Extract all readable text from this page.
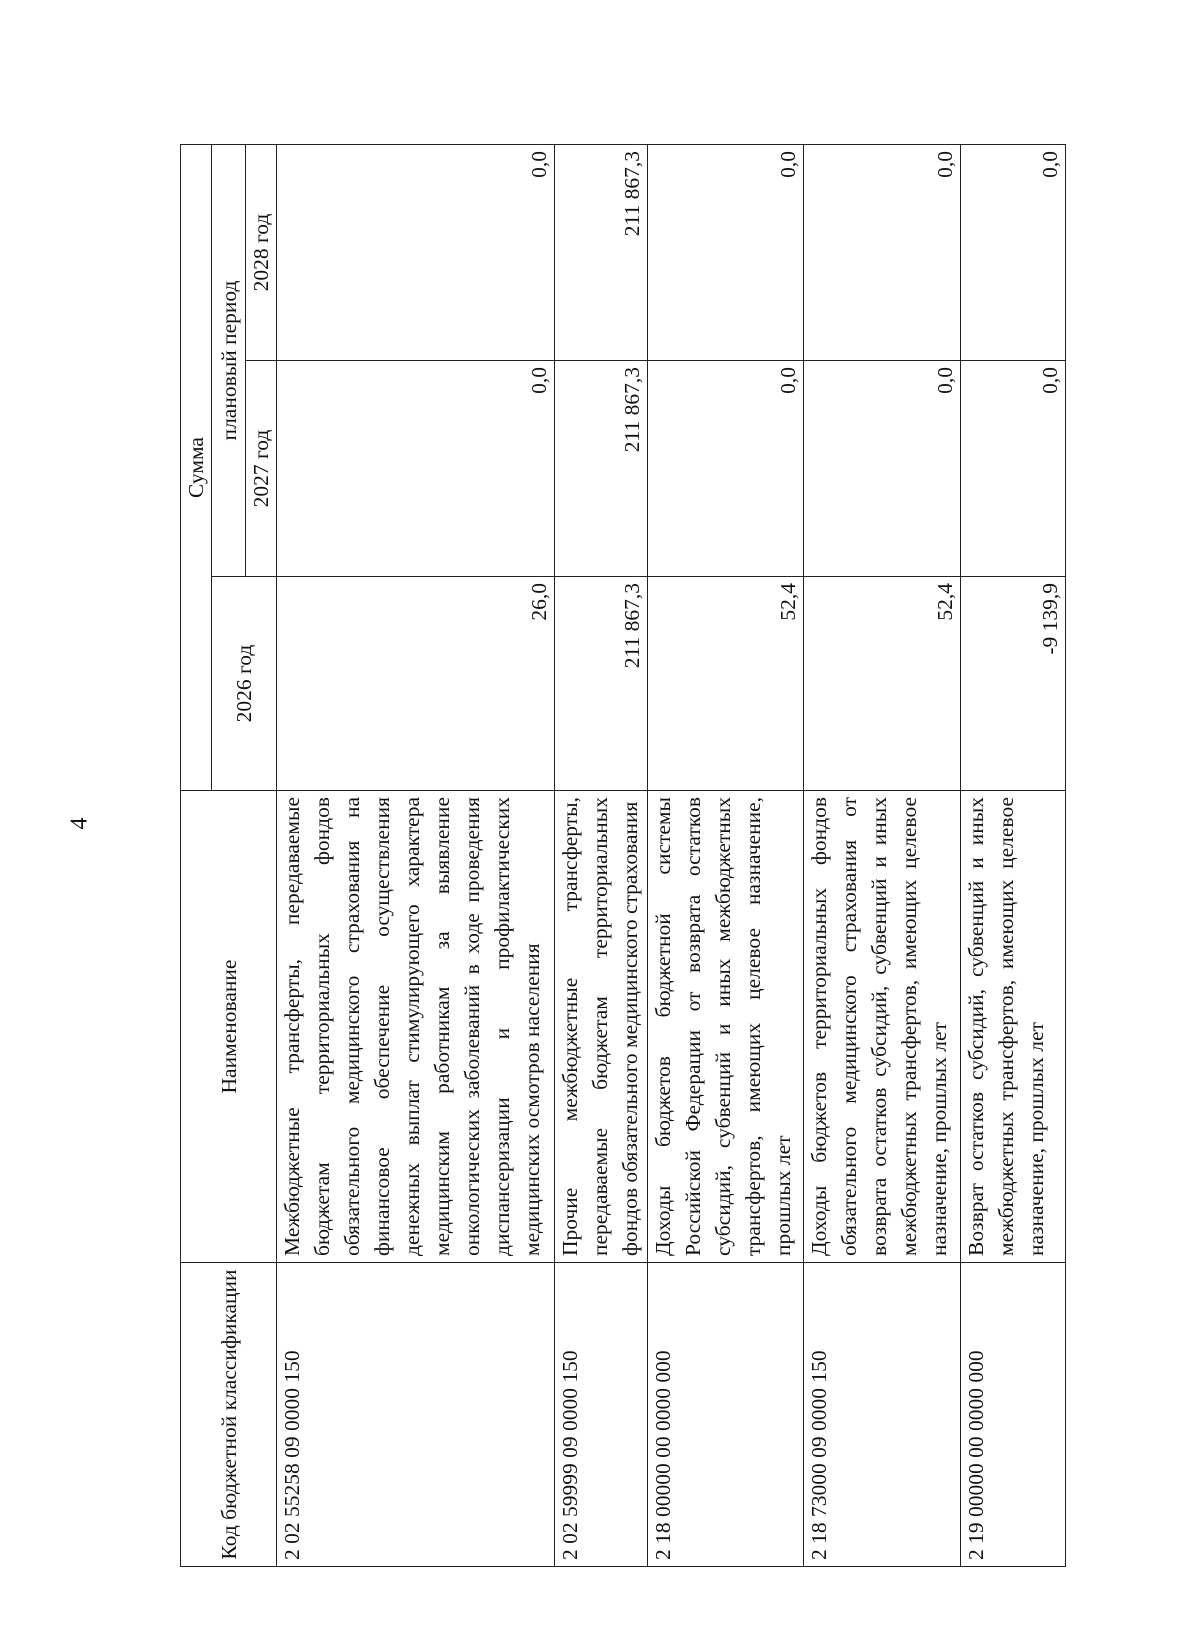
4
Код бюджетной классификации	Наименование	Сумма		
		2026 год	плановый период	
			2027 год	2028 год
2 02 55258 09 0000 150	Межбюджетные трансферты, передаваемые бюджетам территориальных фондов обязательного медицинского страхования на финансовое обеспечение осуществления денежных выплат стимулирующего характера медицинским работникам за выявление онкологических заболеваний в ходе проведения диспансеризации и профилактических медицинских осмотров населения	26,0	0,0	0,0
2 02 59999 09 0000 150	Прочие межбюджетные трансферты, передаваемые бюджетам территориальных фондов обязательного медицинского страхования	211 867,3	211 867,3	211 867,3
2 18 00000 00 0000 000	Доходы бюджетов бюджетной системы Российской Федерации от возврата остатков субсидий, субвенций и иных межбюджетных трансфертов, имеющих целевое назначение, прошлых лет	52,4	0,0	0,0
2 18 73000 09 0000 150	Доходы бюджетов территориальных фондов обязательного медицинского страхования от возврата остатков субсидий, субвенций и иных межбюджетных трансфертов, имеющих целевое назначение, прошлых лет	52,4	0,0	0,0
2 19 00000 00 0000 000	Возврат остатков субсидий, субвенций и иных межбюджетных трансфертов, имеющих целевое назначение, прошлых лет	-9 139,9	0,0	0,0
